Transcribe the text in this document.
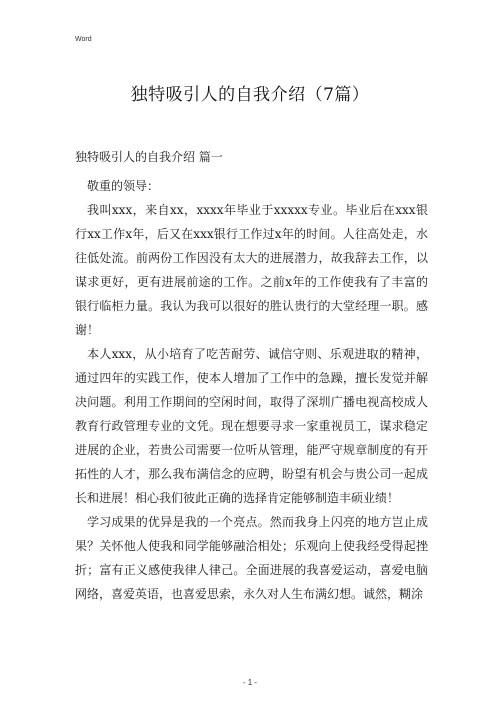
Word
独特吸引人的自我介绍（7篇）
独特吸引人的自我介绍 篇一

敬重的领导：

我叫xxx，来自xx，xxxx年毕业于xxxxx专业。毕业后在xxx银行xx工作x年，后又在xxx银行工作过x年的时间。人往高处走，水往低处流。前两份工作因没有太大的进展潜力，故我辞去工作，以谋求更好，更有进展前途的工作。之前x年的工作使我有了丰富的银行临柜力量。我认为我可以很好的胜认贵行的大堂经理一职。感谢！

本人xxx，从小培育了吃苦耐劳、诚信守则、乐观进取的精神，通过四年的实践工作，使本人增加了工作中的急躁，擅长发觉并解决问题。利用工作期间的空闲时间，取得了深圳广播电视高校成人教育行政管理专业的文凭。现在想要寻求一家重视员工，谋求稳定进展的企业，若贵公司需要一位听从管理，能严守规章制度的有开拓性的人才，那么我布满信念的应聘，盼望有机会与贵公司一起成长和进展！相心我们彼此正确的选择肯定能够制造丰硕业绩！

学习成果的优异是我的一个亮点。然而我身上闪亮的地方岂止成果？关怀他人使我和同学能够融洽相处；乐观向上使我经受得起挫折；富有正义感使我律人律己。全面进展的我喜爱运动，喜爱电脑网络，喜爱英语，也喜爱思索，永久对人生布满幻想。诚然，糊涂

- 1 -
